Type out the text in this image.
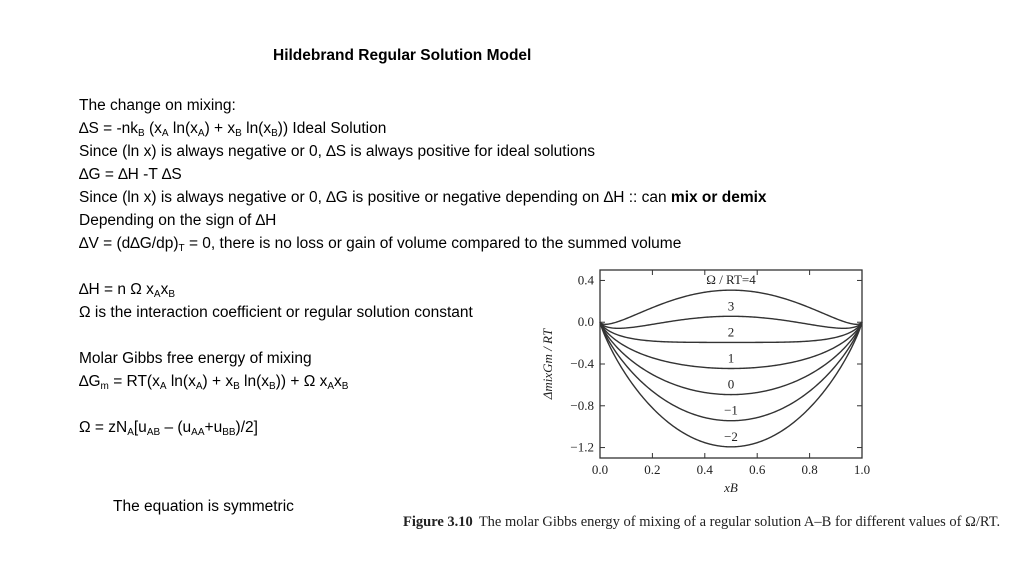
Hildebrand Regular Solution Model
The change on mixing:
$\Delta S = -nk_B$ ($x_A$ $\ln(x_A) + x_B$ $\ln(x_B)$) Ideal Solution
Since (ln x) is always negative or 0, ∆S is always positive for ideal solutions
∆G = ∆H -T ∆S
Since (ln x) is always negative or 0, ∆G is positive or negative depending on ∆H :: can mix or demix
Depending on the sign of ∆H
$\Delta V = (d\Delta G/dp)_T = 0$, there is no loss or gain of volume compared to the summed volume
∆H = n Ω $x_Ax_B$
Ω is the interaction coefficient or regular solution constant
Molar Gibbs free energy of mixing
$\Delta G_m = RT(x_A$ $\ln(x_A) + x_B$ $\ln(x_B)) + \Omega$ $x_Ax_B$
$\Omega = zN_A[u_{AB} - (u_{AA}+u_{BB})/2]$
The equation is symmetric
0.0	0.2	0.4	0.6	0.8	1.0
0.4
0.0
−0.4
−0.8
−1.2
xB
ΔmixGm / RT
Ω / RT=4
3
2
1
0
−1
−2
Figure 3.10 The molar Gibbs energy of mixing of a regular solution A–B for different values of Ω/RT.
